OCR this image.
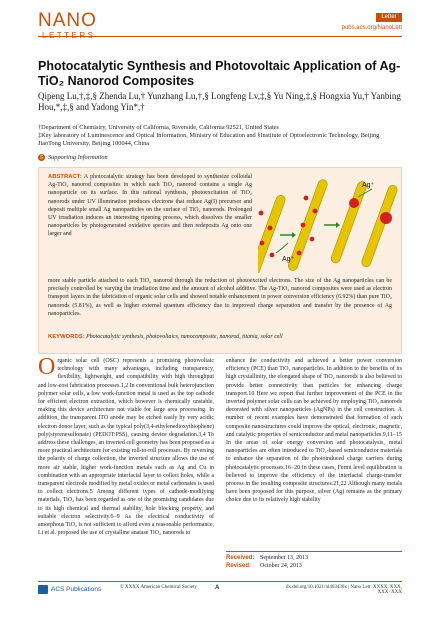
NANO	Letter
pubs.acs.org/NanoLett
Photocatalytic Synthesis and Photovoltaic Application of Ag-TiO₂ Nanorod Composites
Qipeng Lu,†,‡,§ Zhenda Lu,† Yunzhang Lu,†,§ Longfeng Lv,‡,§ Yu Ning,‡,§ Hongxia Yu,† Yanbing Hou,*,‡,§ and Yadong Yin*,†
†Department of Chemistry, University of California, Riverside, California 92521, United States
‡Key laboratory of Luminescence and Optical Information, Ministry of Education and §Institute of Optoelectronic Technology, Beijing JiaoTong University, Beijing 100044, China
S Supporting Information
ABSTRACT: A photocatalytic strategy has been developed to synthesize colloidal Ag-TiO₂ nanorod composites in which each TiO₂ nanorod contains a single Ag nanoparticle on its surface. In this rational synthesis, photoexcitation of TiO₂ nanorods under UV illumination produces electrons that reduce Ag(I) precursor and deposit multiple small Ag nanoparticles on the surface of TiO₂ nanorods. Prolonged UV irradiation induces an interesting ripening process, which dissolves the smaller nanoparticles by photogenerated oxidative species and then redeposits Ag onto one larger and
more stable particle attached to each TiO₂ nanorod through the reduction of photoexcited electrons. The size of the Ag nanoparticles can be precisely controlled by varying the irradiation time and the amount of alcohol additive. The Ag-TiO₂ nanorod composites were used as electron transport layers in the fabrication of organic solar cells and showed notable enhancement in power conversion efficiency (6.92%) than pure TiO₂ nanorods (5.81%), as well as higher external quantum efficiency due to improved charge separation and transfer by the presence of Ag nanoparticles.
KEYWORDS: Photocatalytic synthesis, photovoltaics, nanocomposite, nanorod, titania, solar cell
Ag⁺
Ag⁺
Organic solar cell (OSC) represents a promising photovoltaic technology with many advantages, including transparency, flexibility, lightweight, and compatibility with high throughput and low-cost fabrication processes.1,2 In conventional bulk heterojunction polymer solar cells, a low work-function metal is used as the top cathode for efficient electron extraction, which however is chemically unstable, making this device architecture not viable for large area processing. In addition, the transparent ITO anode may be etched easily by very acidic electron donor layer, such as the typical poly(3,4-ethylenedioxythiophene) poly(styrenesulfonate) (PEDOT:PSS), causing device degradation.3,4 To address these challenges, an inverted cell geometry has been proposed as a more practical architecture for existing roll-to-roll processes. By reversing the polarity of charge collection, the inverted structure allows the use of more air stable, higher work-function metals such as Ag and Cu in combination with an appropriate interfacial layer to collect holes, while a transparent electrode modified by metal oxides or metal carbonates is used to collect electrons.5 Among different types of cathode-modifying materials, TiO₂ has been regarded as one of the promising candidates due to its high chemical and thermal stability, hole blocking property, and suitable electron selectivity.6−9 As the electrical conductivity of amorphous TiO₂ is not sufficient to afford even a reasonable performance, Li et al. proposed the use of crystalline anatase TiO₂ nanorods to
enhance the conductivity and achieved a better power conversion efficiency (PCE) than TiO₂ nanoparticles. In addition to the benefits of its high crystallinity, the elongated shape of TiO₂ nanorods is also believed to provide better connectivity than particles for enhancing charge transport.10 Here we report that further improvement of the PCE in the inverted polymer solar cells can be achieved by employing TiO₂ nanorods decorated with silver nanoparticles (AgNPs) in the cell construction. A number of recent examples have demonstrated that formation of such composite nanostructures could improve the optical, electronic, magnetic, and catalytic properties of semiconductor and metal nanoparticles.9,11−15 In the areas of solar energy conversion and photocatalysis, metal nanoparticles are often introduced to TiO₂-based semiconductor materials to enhance the separation of the photoinduced charge carriers during photocatalytic processes.16−20 In these cases, Fermi level equilibration is believed to improve the efficiency of the interfacial charge-transfer process in the resulting composite structures.21,22 Although many metals have been proposed for this purpose, silver (Ag) remains as the primary choice due to its relatively high stability
Received: September 13, 2013
Revised: October 24, 2013
ACS Publications	© XXXX American Chemical Society	A	dx.doi.org/10.1021/nl403430x | Nano Lett. XXXX, XXX, XXX−XXX
